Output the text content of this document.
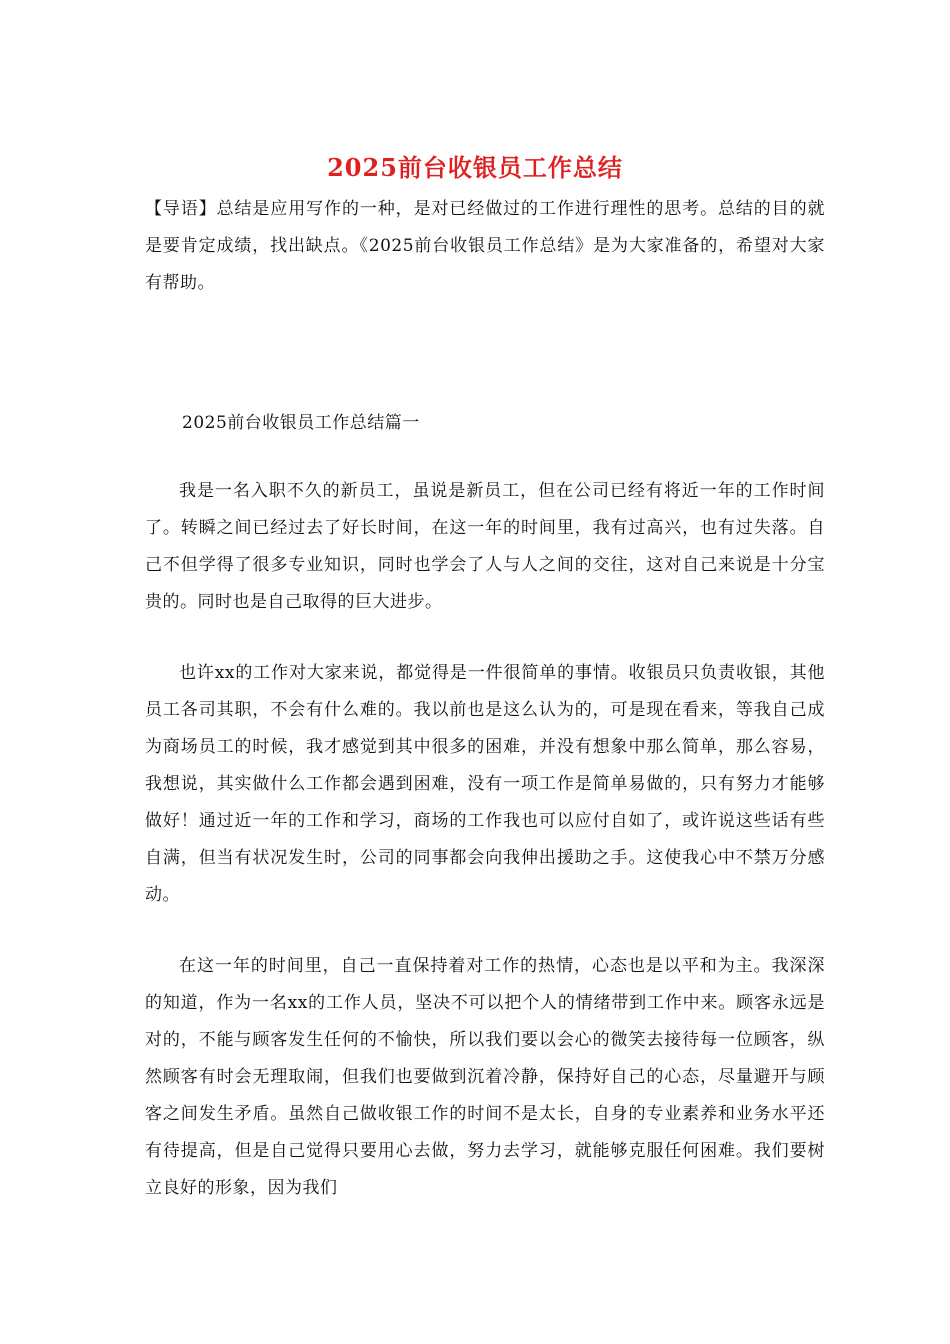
2025前台收银员工作总结
【导语】总结是应用写作的一种，是对已经做过的工作进行理性的思考。总结的目的就是要肯定成绩，找出缺点。《2025前台收银员工作总结》是为大家准备的，希望对大家有帮助。
2025前台收银员工作总结篇一
我是一名入职不久的新员工，虽说是新员工，但在公司已经有将近一年的工作时间了。转瞬之间已经过去了好长时间，在这一年的时间里，我有过高兴，也有过失落。自己不但学得了很多专业知识，同时也学会了人与人之间的交往，这对自己来说是十分宝贵的。同时也是自己取得的巨大进步。
也许xx的工作对大家来说，都觉得是一件很简单的事情。收银员只负责收银，其他员工各司其职，不会有什么难的。我以前也是这么认为的，可是现在看来，等我自己成为商场员工的时候，我才感觉到其中很多的困难，并没有想象中那么简单，那么容易，我想说，其实做什么工作都会遇到困难，没有一项工作是简单易做的，只有努力才能够做好！通过近一年的工作和学习，商场的工作我也可以应付自如了，或许说这些话有些自满，但当有状况发生时，公司的同事都会向我伸出援助之手。这使我心中不禁万分感动。
在这一年的时间里，自己一直保持着对工作的热情，心态也是以平和为主。我深深的知道，作为一名xx的工作人员，坚决不可以把个人的情绪带到工作中来。顾客永远是对的，不能与顾客发生任何的不愉快，所以我们要以会心的微笑去接待每一位顾客，纵然顾客有时会无理取闹，但我们也要做到沉着冷静，保持好自己的心态，尽量避开与顾客之间发生矛盾。虽然自己做收银工作的时间不是太长，自身的专业素养和业务水平还有待提高，但是自己觉得只要用心去做，努力去学习，就能够克服任何困难。我们要树立良好的形象，因为我们
